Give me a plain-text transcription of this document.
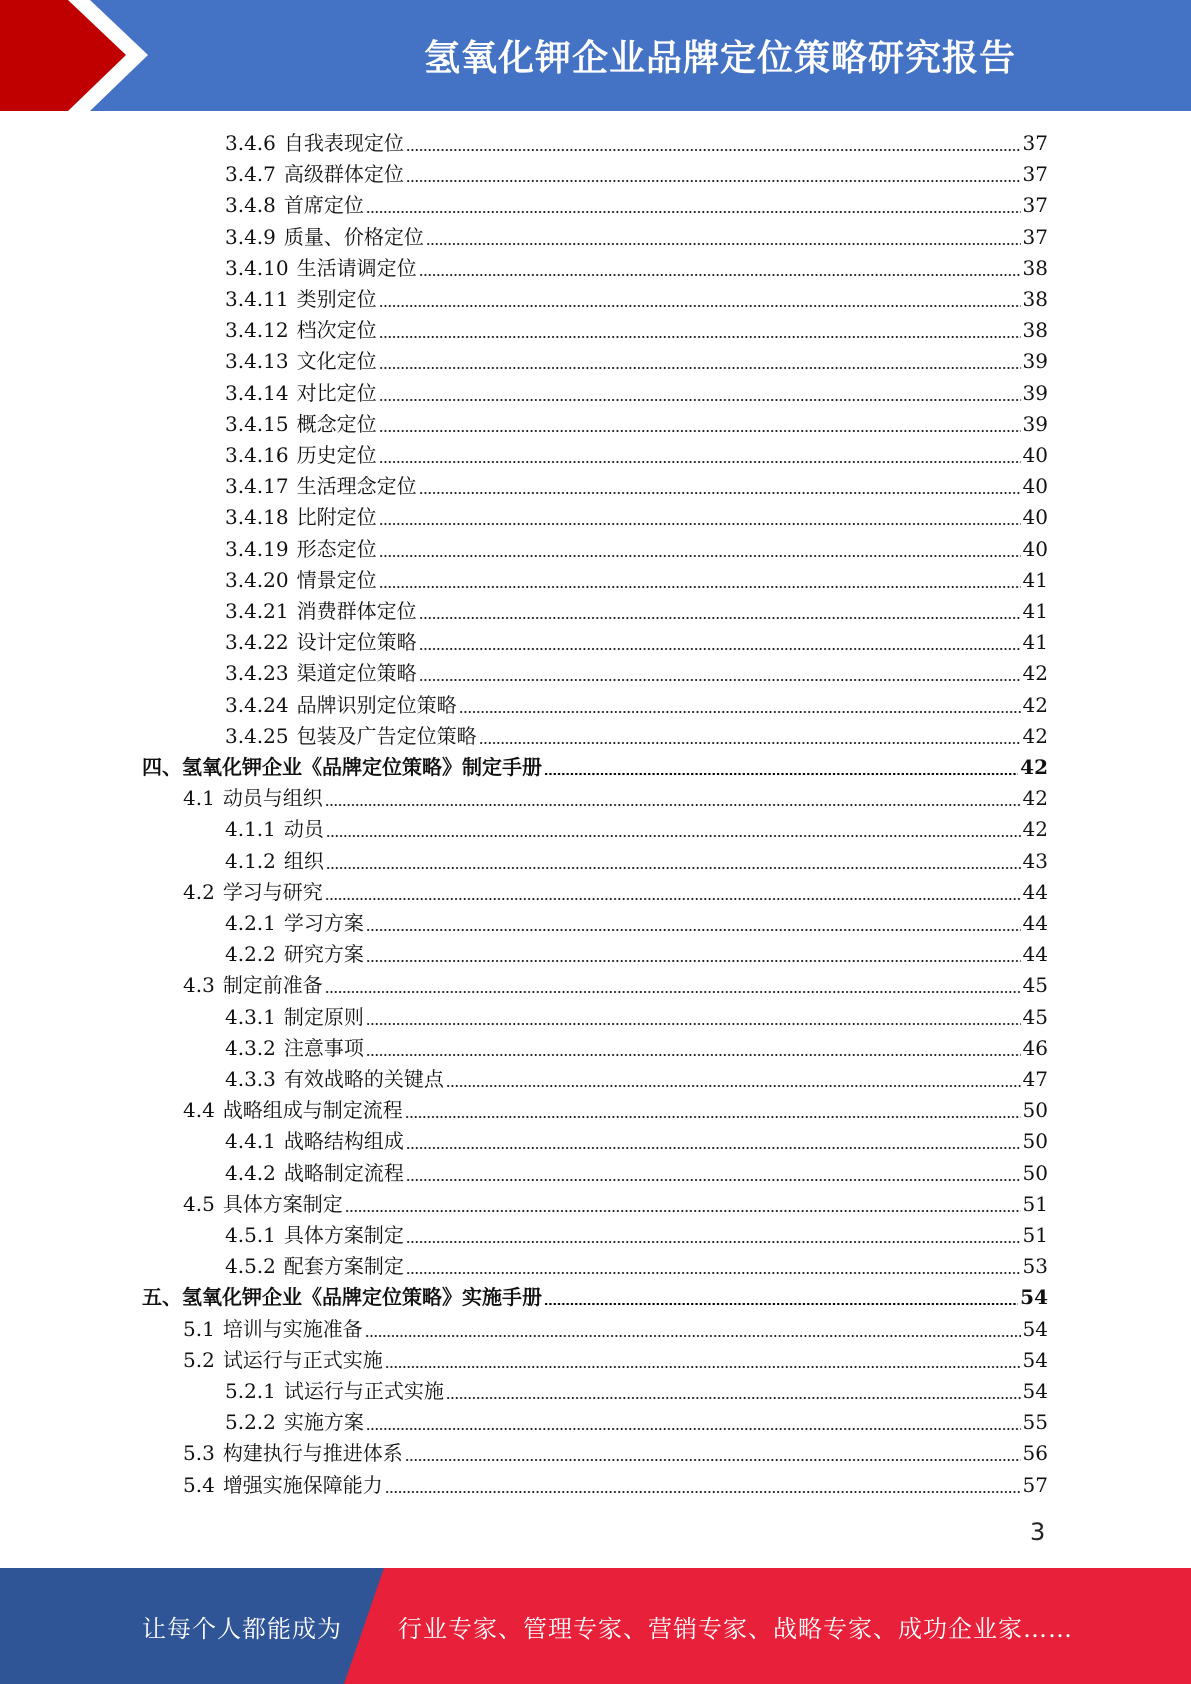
氢氧化钾企业品牌定位策略研究报告
3.4.6 自我表现定位	37
3.4.7 高级群体定位	37
3.4.8 首席定位	37
3.4.9 质量、价格定位	37
3.4.10 生活请调定位	38
3.4.11 类别定位	38
3.4.12 档次定位	38
3.4.13 文化定位	39
3.4.14 对比定位	39
3.4.15 概念定位	39
3.4.16 历史定位	40
3.4.17 生活理念定位	40
3.4.18 比附定位	40
3.4.19 形态定位	40
3.4.20 情景定位	41
3.4.21 消费群体定位	41
3.4.22 设计定位策略	41
3.4.23 渠道定位策略	42
3.4.24 品牌识别定位策略	42
3.4.25 包装及广告定位策略	42
四、 氢氧化钾企业《品牌定位策略》制定手册	42
4.1 动员与组织	42
4.1.1 动员	42
4.1.2 组织	43
4.2 学习与研究	44
4.2.1 学习方案	44
4.2.2 研究方案	44
4.3 制定前准备	45
4.3.1 制定原则	45
4.3.2 注意事项	46
4.3.3 有效战略的关键点	47
4.4 战略组成与制定流程	50
4.4.1 战略结构组成	50
4.4.2 战略制定流程	50
4.5 具体方案制定	51
4.5.1 具体方案制定	51
4.5.2 配套方案制定	53
五、 氢氧化钾企业《品牌定位策略》实施手册	54
5.1 培训与实施准备	54
5.2 试运行与正式实施	54
5.2.1 试运行与正式实施	54
5.2.2 实施方案	55
5.3 构建执行与推进体系	56
5.4 增强实施保障能力	57
3
让每个人都能成为 行业专家、管理专家、营销专家、战略专家、成功企业家……
